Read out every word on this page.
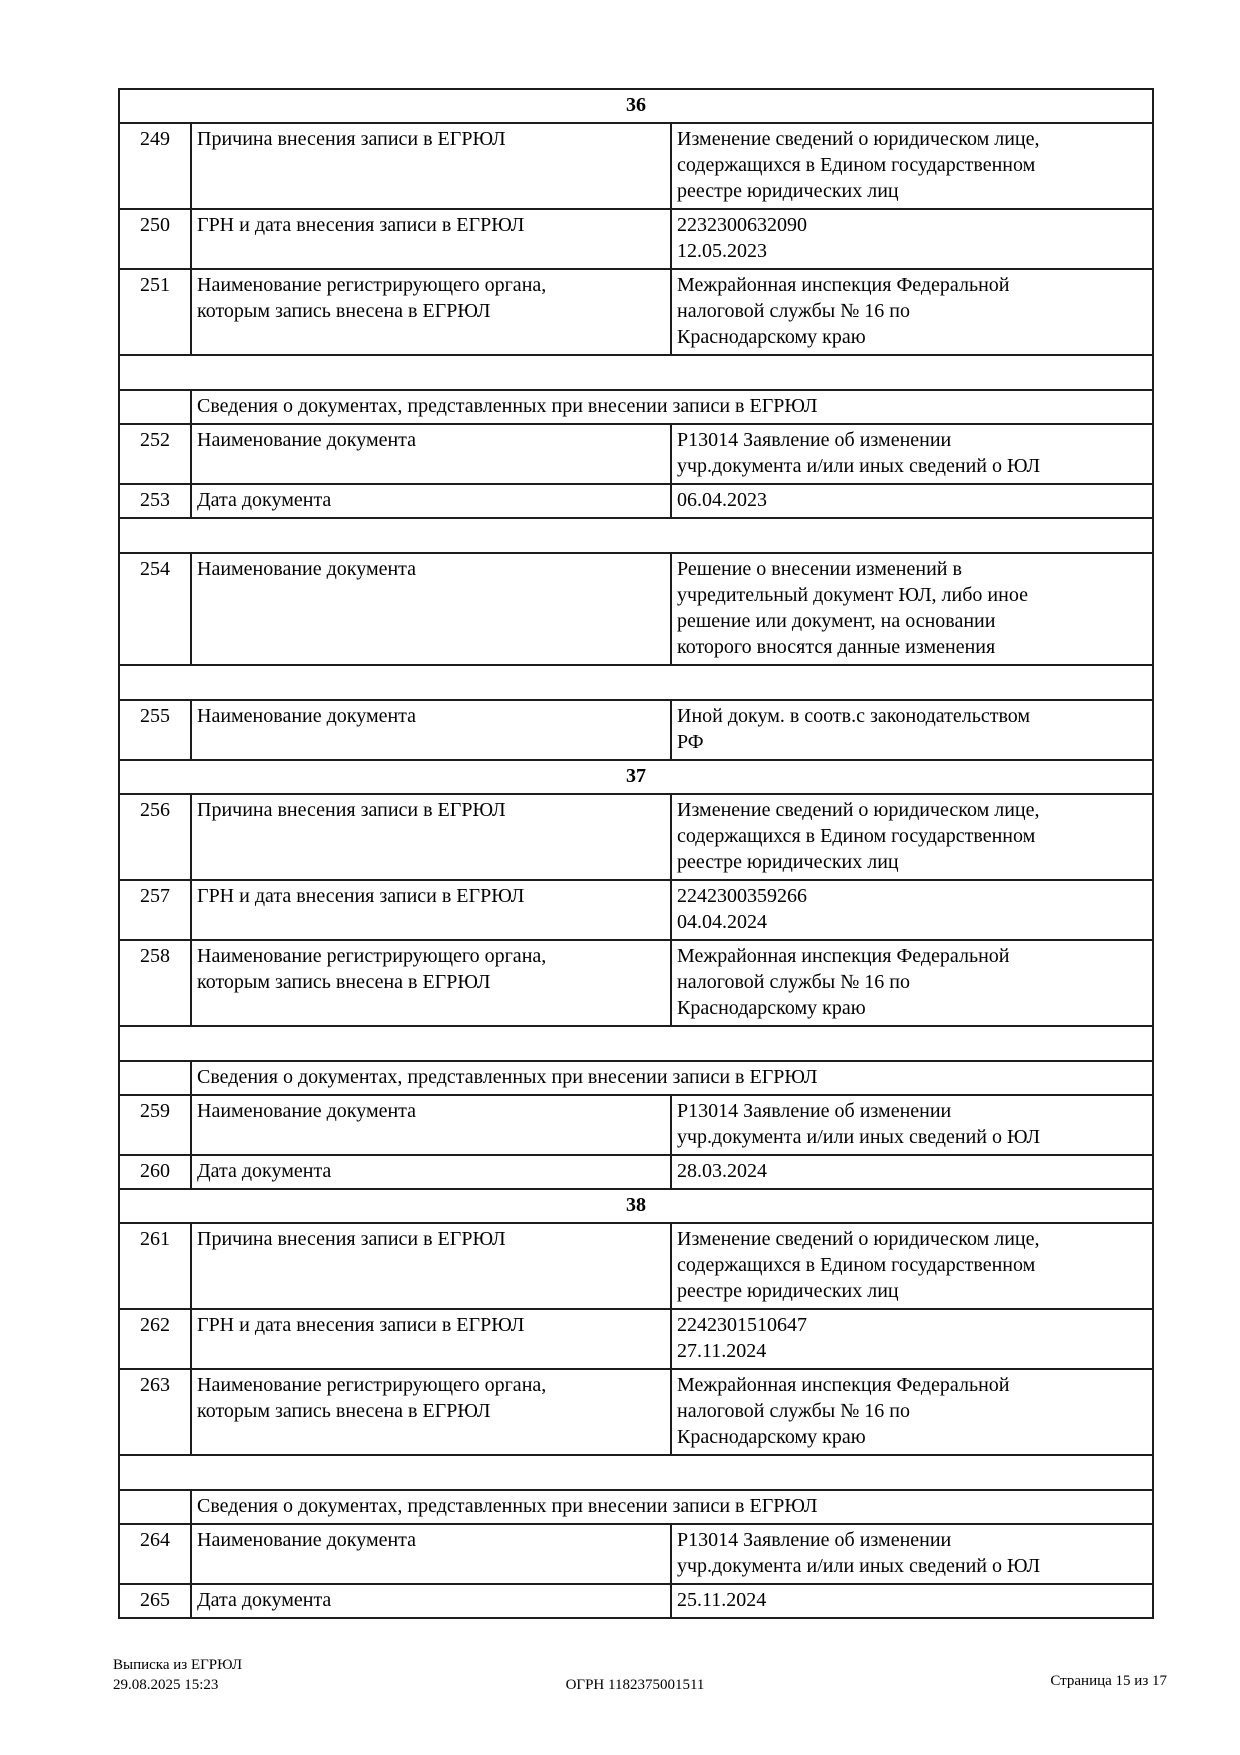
36		
249	Причина внесения записи в ЕГРЮЛ	Изменение сведений о юридическом лице,
содержащихся в Едином государственном
реестре юридических лиц

250	ГРН и дата внесения записи в ЕГРЮЛ	2232300632090
12.05.2023

251	Наименование регистрирующего органа,
которым запись внесена в ЕГРЮЛ	Межрайонная инспекция Федеральной
налоговой службы № 16 по
Краснодарскому краю

	Сведения о документах, представленных при внесении записи в ЕГРЮЛ	
252	Наименование документа	Р13014 Заявление об изменении
учр.документа и/или иных сведений о ЮЛ

253	Дата документа	06.04.2023

254	Наименование документа	Решение о внесении изменений в
учредительный документ ЮЛ, либо иное
решение или документ, на основании
которого вносятся данные изменения

255	Наименование документа	Иной докум. в соотв.с законодательством
РФ

37		
256	Причина внесения записи в ЕГРЮЛ	Изменение сведений о юридическом лице,
содержащихся в Едином государственном
реестре юридических лиц

257	ГРН и дата внесения записи в ЕГРЮЛ	2242300359266
04.04.2024

258	Наименование регистрирующего органа,
которым запись внесена в ЕГРЮЛ	Межрайонная инспекция Федеральной
налоговой службы № 16 по
Краснодарскому краю

	Сведения о документах, представленных при внесении записи в ЕГРЮЛ	
259	Наименование документа	Р13014 Заявление об изменении
учр.документа и/или иных сведений о ЮЛ

260	Дата документа	28.03.2024

38		
261	Причина внесения записи в ЕГРЮЛ	Изменение сведений о юридическом лице,
содержащихся в Едином государственном
реестре юридических лиц

262	ГРН и дата внесения записи в ЕГРЮЛ	2242301510647
27.11.2024

263	Наименование регистрирующего органа,
которым запись внесена в ЕГРЮЛ	Межрайонная инспекция Федеральной
налоговой службы № 16 по
Краснодарскому краю

	Сведения о документах, представленных при внесении записи в ЕГРЮЛ	
264	Наименование документа	Р13014 Заявление об изменении
учр.документа и/или иных сведений о ЮЛ

265	Дата документа	25.11.2024
Выписка из ЕГРЮЛ
29.08.2025 15:23	ОГРН 1182375001511	Страница 15 из 17
